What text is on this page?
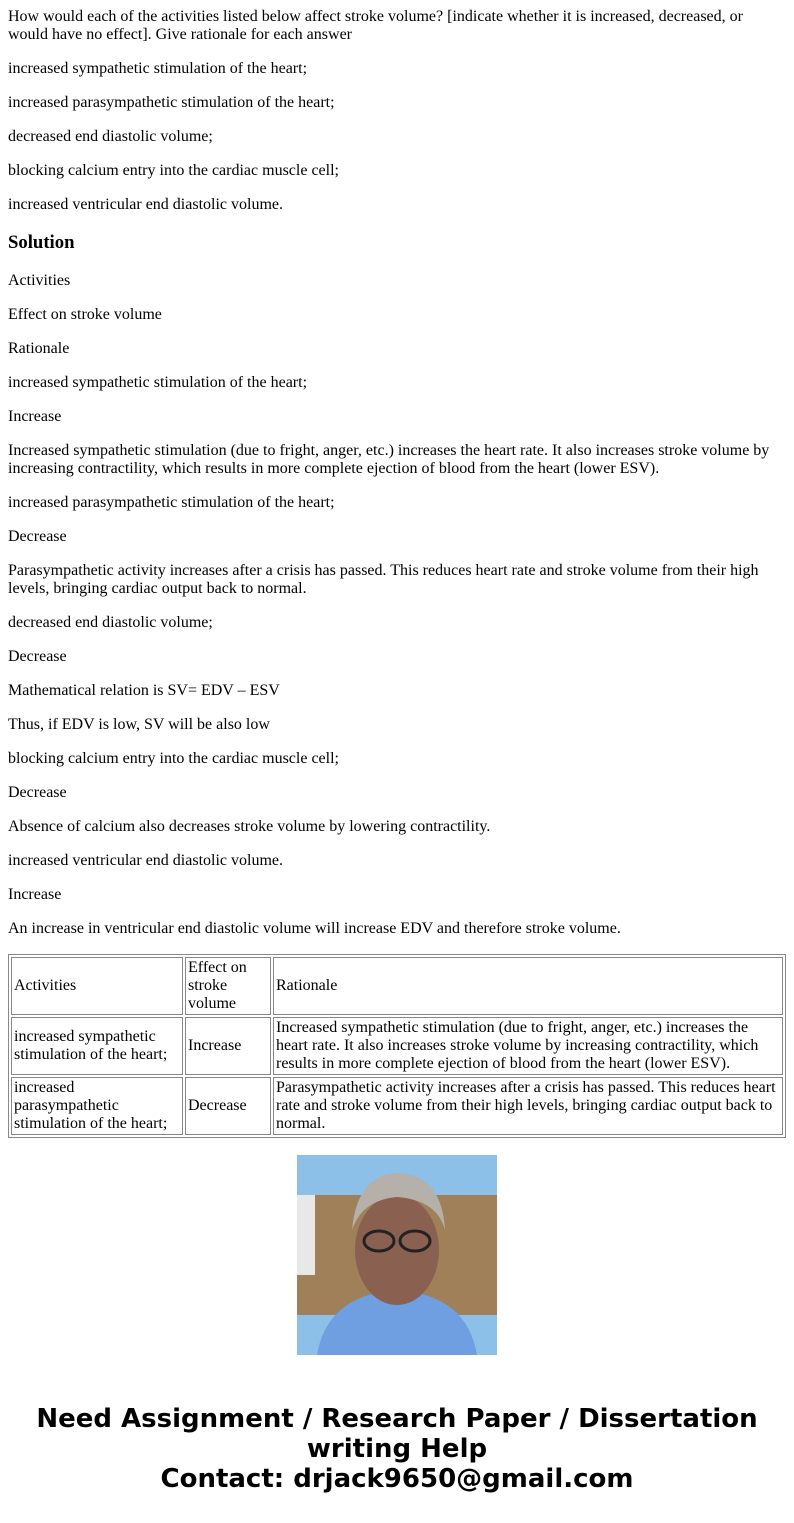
How would each of the activities listed below affect stroke volume? [indicate whether it is increased, decreased, or would have no effect]. Give rationale for each answer

increased sympathetic stimulation of the heart;

increased parasympathetic stimulation of the heart;

decreased end diastolic volume;

blocking calcium entry into the cardiac muscle cell;

increased ventricular end diastolic volume.

Solution

Activities

Effect on stroke volume

Rationale

increased sympathetic stimulation of the heart;

Increase

Increased sympathetic stimulation (due to fright, anger, etc.) increases the heart rate. It also increases stroke volume by increasing contractility, which results in more complete ejection of blood from the heart (lower ESV).

increased parasympathetic stimulation of the heart;

Decrease

Parasympathetic activity increases after a crisis has passed. This reduces heart rate and stroke volume from their high levels, bringing cardiac output back to normal.

decreased end diastolic volume;

Decrease

Mathematical relation is SV= EDV – ESV

Thus, if EDV is low, SV will be also low

blocking calcium entry into the cardiac muscle cell;

Decrease

Absence of calcium also decreases stroke volume by lowering contractility.

increased ventricular end diastolic volume.

Increase

An increase in ventricular end diastolic volume will increase EDV and therefore stroke volume.

Activities	Effect on stroke volume	Rationale
increased sympathetic stimulation of the heart;	Increase	Increased sympathetic stimulation (due to fright, anger, etc.) increases the heart rate. It also increases stroke volume by increasing contractility, which results in more complete ejection of blood from the heart (lower ESV).
increased parasympathetic stimulation of the heart;	Decrease	Parasympathetic activity increases after a crisis has passed. This reduces heart rate and stroke volume from their high levels, bringing cardiac output back to normal.
Need Assignment / Research Paper / Dissertation writing Help
Contact: drjack9650@gmail.com
